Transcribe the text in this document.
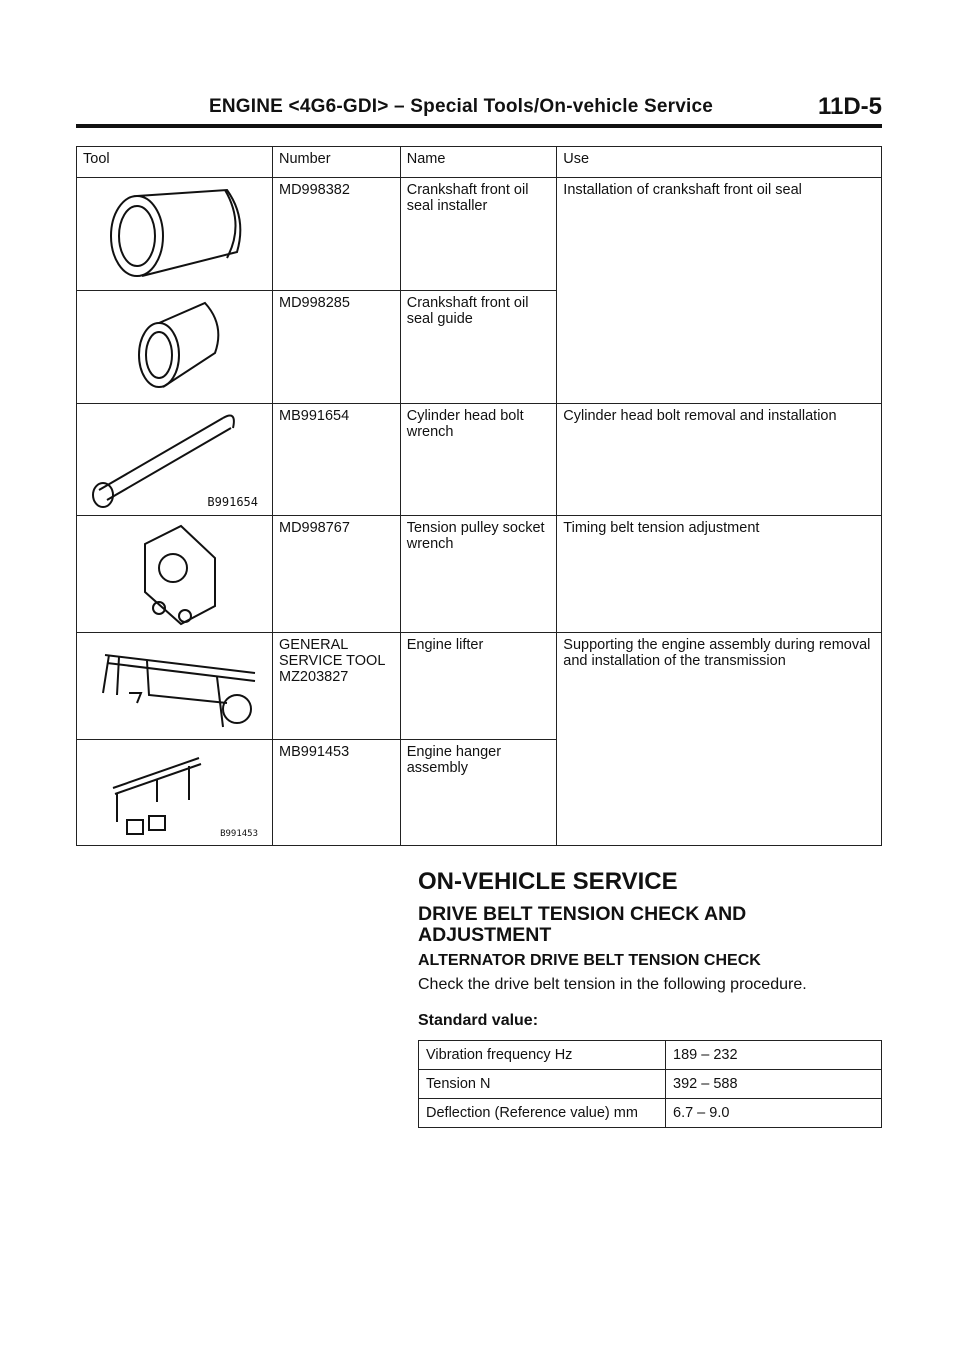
ENGINE <4G6-GDI> – Special Tools/On-vehicle Service	11D-5
Tool	Number	Name	Use

	MD998382	Crankshaft front oil seal installer	Installation of crankshaft front oil seal

	MD998285	Crankshaft front oil seal guide	

B991654	MB991654	Cylinder head bolt wrench	Cylinder head bolt removal and installation

	MD998767	Tension pulley socket wrench	Timing belt tension adjustment

	GENERAL SERVICE TOOL MZ203827	Engine lifter	Supporting the engine assembly during removal and installation of the transmission

B991453	MB991453	Engine hanger assembly	
ON-VEHICLE SERVICE
DRIVE BELT TENSION CHECK AND ADJUSTMENT
ALTERNATOR DRIVE BELT TENSION CHECK
Check the drive belt tension in the following procedure.
Standard value:
Vibration frequency Hz	189 – 232
Tension N	392 – 588
Deflection (Reference value) mm	6.7 – 9.0
